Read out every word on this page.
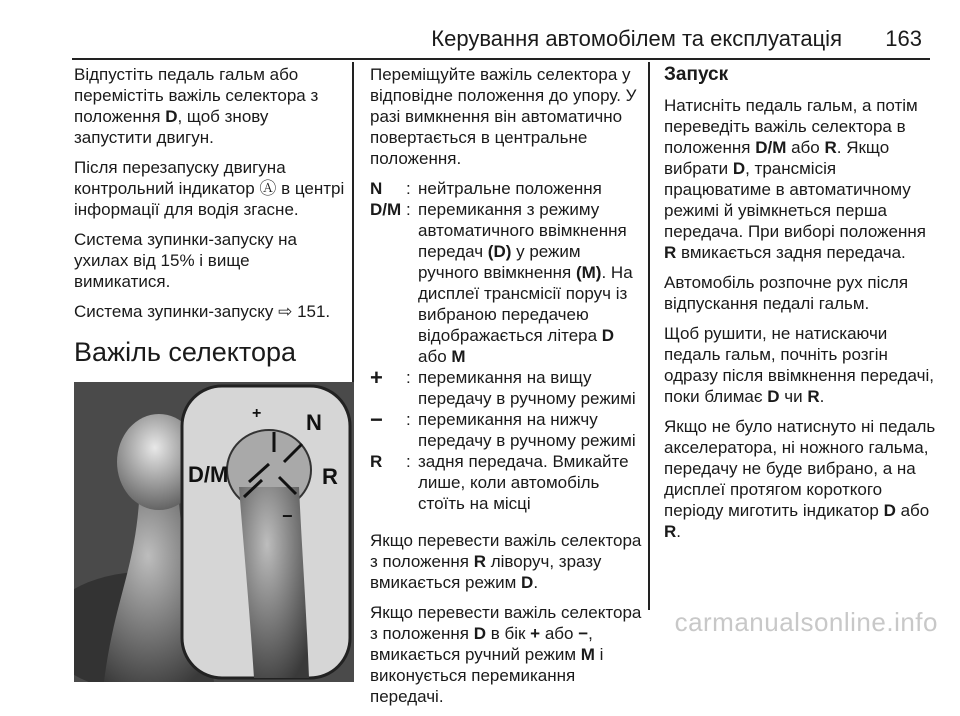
Керування автомобілем та експлуатація 163

Відпустіть педаль гальм або перемістіть важіль селектора з положення D, щоб знову запустити двигун.

Після перезапуску двигуна контрольний індикатор Ⓐ в центрі інформації для водія згасне.

Система зупинки-запуску на ухилах від 15% і вище вимикатися.

Система зупинки-запуску ⇨ 151.

Важіль селектора
+
D/M
N
R
−

Переміщуйте важіль селектора у відповідне положення до упору. У разі вимкнення він автоматично повертається в центральне положення.

N	: нейтральне положення
D/M : перемикання з режиму автоматичного ввімкнення передач (D) у режим ручного ввімкнення (M). На дисплеї трансмісії поруч із вибраною передачею відображається літера D або M
+	: перемикання на вищу передачу в ручному режимі
−	: перемикання на нижчу передачу в ручному режимі
R	: задня передача. Вмикайте лише, коли автомобіль стоїть на місці

Якщо перевести важіль селектора з положення R ліворуч, зразу вмикається режим D.

Якщо перевести важіль селектора з положення D в бік + або −, вмикається ручний режим M і виконується перемикання передачі.

Запуск

Натисніть педаль гальм, а потім переведіть важіль селектора в положення D/M або R. Якщо вибрати D, трансмісія працюватиме в автоматичному режимі й увімкнеться перша передача. При виборі положення R вмикається задня передача.

Автомобіль розпочне рух після відпускання педалі гальм.

Щоб рушити, не натискаючи педаль гальм, почніть розгін одразу після ввімкнення передачі, поки блимає D чи R.

Якщо не було натиснуто ні педаль акселератора, ні ножного гальма, передачу не буде вибрано, а на дисплеї протягом короткого періоду миготить індикатор D або R.

carmanualsonline.info
